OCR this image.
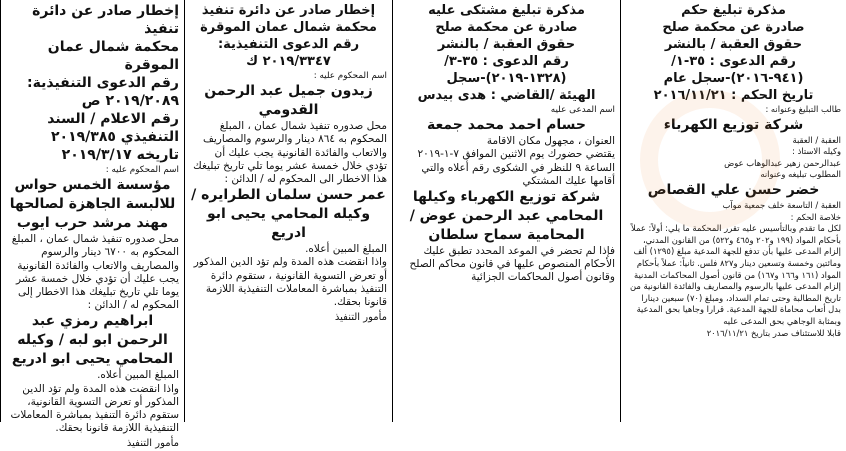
إخطار صادر عن دائرة تنفيذ
محكمة شمال عمان الموقرة
رقم الدعوى التنفيذية:
٢٠١٩/٢٠٨٩ ص
رقم الاعلام / السند
التنفيذي ٢٠١٩/٣٨٥
تاريخه ٢٠١٩/٣/١٧
اسم المحكوم عليه :
مؤسسة الخمس حواس للالبسة الجاهزة لصالحها مهند مرشد حرب ايوب
محل صدوره تنفيذ شمال عمان ، المبلغ المحكوم به ٦٧٠٠ دينار والرسوم والمصاريف والاتعاب والفائدة القانونية يجب عليك أن تؤدي خلال خمسة عشر يوما تلي تاريخ تبليغك هذا الاخطار إلى المحكوم له / الدائن :
ابراهيم رمزي عبد الرحمن ابو لبه / وكيله المحامي يحيى ابو ادريع
المبلغ المبين أعلاه.
واذا انقضت هذه المدة ولم تؤد الدين المذكور أو تعرض التسوية القانونية، ستقوم دائرة التنفيذ بمباشرة المعاملات التنفيذية اللازمة قانونا بحقك.
مأمور التنفيذ
إخطار صادر عن دائرة تنفيذ
محكمة شمال عمان الموقرة
رقم الدعوى التنفيذية:
٢٠١٩/٣٣٤٧ ك
اسم المحكوم عليه :
زيدون جميل عبد الرحمن القدومي
محل صدوره تنفيذ شمال عمان ، المبلغ المحكوم به ٨٦٤ دينار والرسوم والمصاريف والاتعاب والفائدة القانونية يجب عليك أن تؤدي خلال خمسة عشر يوما تلي تاريخ تبليغك هذا الاخطار الى المحكوم له / الدائن :
عمر حسن سلمان الطرايره / وكيله المحامي يحيى ابو ادريع
المبلغ المبين أعلاه.
واذا انقضت هذه المدة ولم تؤد الدين المذكور أو تعرض التسوية القانونية ، ستقوم دائرة التنفيذ بمباشرة المعاملات التنفيذية اللازمة قانونا بحقك.
مأمور التنفيذ
مذكرة تبليغ مشتكى عليه
صادرة عن محكمة صلح
حقوق العقبة / بالنشر
رقم الدعوى : ٣٥-٣/
(١٣٢٨-٢٠١٩)-سجل
الهيئة /القاضي : هدى بيدس
اسم المدعى عليه
حسام احمد محمد جمعة
العنوان ، مجهول مكان الاقامة
يقتضي حضورك يوم الاثنين الموافق ٧-١-٢٠١٩ الساعة ٩ للنظر في الشكوى رقم أعلاه والتي أقامها عليك المشتكي
شركة توزيع الكهرباء وكيلها المحامي عبد الرحمن عوض / المحامية سماح سلطان
فإذا لم تحضر في الموعد المحدد تطبق عليك الأحكام المنصوص عليها في قانون محاكم الصلح وقانون أصول المحاكمات الجزائية
مذكرة تبليغ حكم
صادرة عن محكمة صلح
حقوق العقبة / بالنشر
رقم الدعوى : ٣٥-١/
(٩٤١-٢٠١٦)-سجل عام
تاريخ الحكم : ٢٠١٦/١١/٢١
طالب التبليغ وعنوانه :
شركة توزيع الكهرباء
العقبة / العقبة
وكيله الاستاذ :
عبدالرحمن زهير عبدالوهاب عوض
المطلوب تبليغه وعنوانه
خضر حسن علي القصاص
العقبة / التاسعة خلف جمعية موآب
خلاصة الحكم :
لكل ما تقدم وبالتأسيس عليه تقرر المحكمة ما يلي: أولاً: عملاً بأحكام المواد (١٩٩ و٢٠٢ و٤٦٥ و٥٢٢) من القانون المدني، إلزام المدعى عليها بأن تدفع للجهة المدعية مبلغ (١٢٩٥) ألف ومائتين وخمسة وتسعين دينار و٨٢٧ فلس. ثانياً: عملاً بأحكام المواد (١٦١ و١٦٦ و١٦٧) من قانون أصول المحاكمات المدنية إلزام المدعى عليها بالرسوم والمصاريف والفائدة القانونية من تاريخ المطالبة وحتى تمام السداد، ومبلغ (٧٠) سبعين دينارا بدل أتعاب محاماة للجهة المدعية. قرارا وجاهيا بحق المدعية وبمثابة الوجاهي بحق المدعى عليه
قابلا للاستئناف صدر بتاريخ ٢٠١٦/١١/٢١
